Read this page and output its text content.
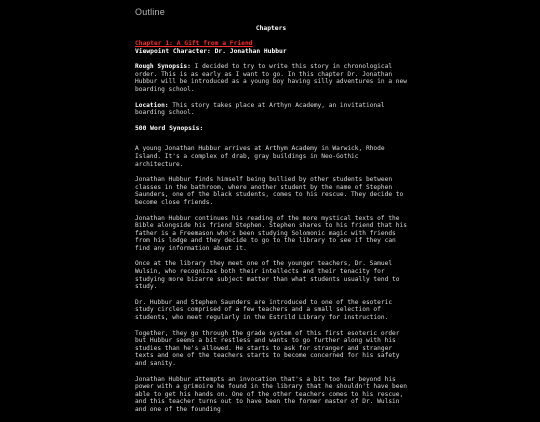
Outline
Chapters
Chapter 1: A Gift from a Friend
Viewpoint Character: Dr. Jonathan Hubbur

Rough Synopsis: I decided to try to write this story in chronological order. This is as early as I want to go. In this chapter Dr. Jonathan Hubbur will be introduced as a young boy having silly adventures in a new boarding school.

Location: This story takes place at Arthyn Academy, an invitational boarding school.

500 Word Synopsis:

A young Jonathan Hubbur arrives at Arthym Academy in Warwick, Rhode Island. It's a complex of drab, gray buildings in Neo-Gothic architecture.

Jonathan Hubbur finds himself being bullied by other students between classes in the bathroom, where another student by the name of Stephen Saunders, one of the black students, comes to his rescue. They decide to become close friends.

Jonathan Hubbur continues his reading of the more mystical texts of the Bible alongside his friend Stephen. Stephen shares to his friend that his father is a Freemason who's been studying Solomonic magic with friends from his lodge and they decide to go to the library to see if they can find any information about it.

Once at the library they meet one of the younger teachers, Dr. Samuel Wulsin, who recognizes both their intellects and their tenacity for studying more bizarre subject matter than what students usually tend to study.

Dr. Hubbur and Stephen Saunders are introduced to one of the esoteric study circles comprised of a few teachers and a small selection of students, who meet regularly in the Estrild Library for instruction.

Together, they go through the grade system of this first esoteric order but Hubbur seems a bit restless and wants to go further along with his studies than he's allowed. He starts to ask for stranger and stranger texts and one of the teachers starts to become concerned for his safety and sanity.

Jonathan Hubbur attempts an invocation that's a bit too far beyond his power with a grimoire he found in the library that he shouldn't have been able to get his hands on. One of the other teachers comes to his rescue, and this teacher turns out to have been the former master of Dr. Wulsin and one of the founding
